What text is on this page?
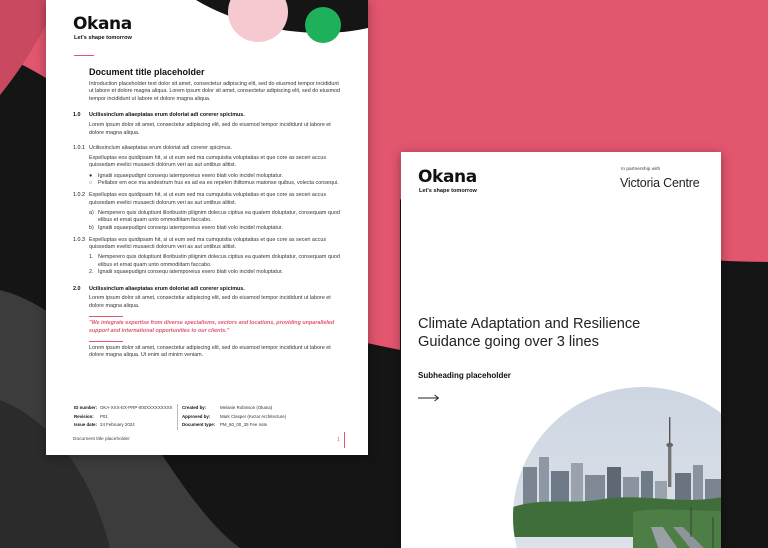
Okana
Let's shape tomorrow
Document title placeholder

Introduction placeholder text dolor sit amet, consectetur adipiscing elit, sed do eiusmod tempor incididunt ut labore et dolore magna aliqua. Lorem ipsum dolor sit amet, consectetur adipiscing elit, sed do eiusmod tempor incididunt ut labore et dolore magna aliqua.

1.0	Ucilissinclum aliaeptatas erum doloriat adi corerer spicimus.

Lorem ipsum dolor sit amet, consectetur adipiscing elit, sed do eiusmod tempor incididunt ut labore et dolore magna aliqua.

1.0.1 Ucilissinclum aliaeptatas erum doloriat adi corerer spicimus.

Expelluptas eos quidipsam hit, si ut eum sed ma cumquistia voluptatias et que core as seceri accus quissedam evelici musaecti dolorum veri as aut untibus alitist.

●	Ignatii squaepudigni consequ iatemporeius exero blati volo incidel moluptatur.
○	Pellabor em ece ma andestrum hus es ad ea es repelen ihiltomus maionse quibus, volecta consequi.
1.0.2 Expelluptas eos quidipsam hit, si ut eum sed ma cumquistia voluptatias et que core as seceri accus quissedam evelici musaecti dolorum veri as aut untibus alitist.
a) Nemperero quis doluptiunt illoribustin pliignim dolecus ciptius ea quatem doluptatur, consequam quod elibus et ernat quam unto ommodiitam faccabo.
b) Ignatii squaepudigni consequ iatemporeius exero blati volo incidel moluptatur.
1.0.3 Expelluptas eos quidipsam hit, si ut eum sed ma cumquistia voluptatias et que core as seceri accus quissedam evelici musaecti dolorum veri as aut untibus alitist.
1. Nemperero quis doluptiunt illoribustin pliignim dolecus ciptius ea quatem doluptatur, consequam quod elibus et ernat quam unto ommodiitam faccabo.
2. Ignatii squaepudigni consequ iatemporeius exero blati volo incidel moluptatur.
2.0	Ucilissinclum aliaeptatas erum doloriat adi corerer spicimus.

Lorem ipsum dolor sit amet, consectetur adipiscing elit, sed do eiusmod tempor incididunt ut labore et dolore magna aliqua.

"We integrate expertise from diverse specialisms, sectors and locations, providing unparalleled support and international opportunities to our clients."

Lorem ipsum dolor sit amet, consectetur adipiscing elit, sed do eiusmod tempor incididunt ut labore et dolore magna aliqua. Ut enim ad minim veniam.

ID number: OKA-XXX-EX-PRP-000XXXXXXXXX
Revision: P01
Issue date: 24 February 2024
Created by:	Melanie Robinson (Okana)
Approved by: Mark Clasper (Kezar Architecture)
Document type: PM_60_00_35 Fee note
Document title placeholder	1
Okana
Let's shape tomorrow
In partnership with
Victoria Centre
Climate Adaptation and Resilience Guidance going over 3 lines
Subheading placeholder
